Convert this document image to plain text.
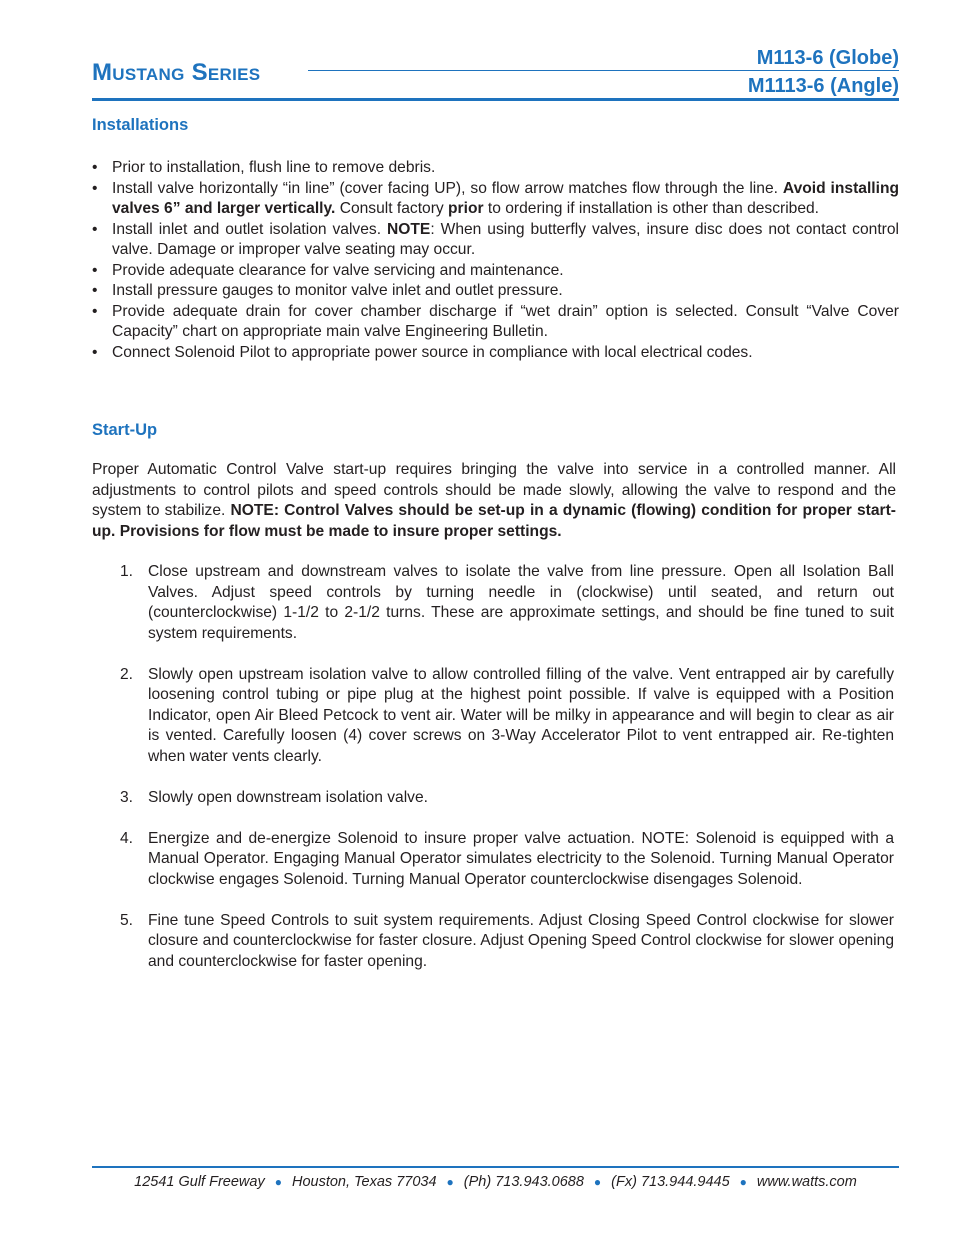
Mustang Series
M113-6 (Globe)
M1113-6 (Angle)
Installations
• Prior to installation, flush line to remove debris.
• Install valve horizontally “in line” (cover facing UP), so flow arrow matches flow through the line. Avoid installing valves 6” and larger vertically. Consult factory prior to ordering if installation is other than described.
• Install inlet and outlet isolation valves. NOTE: When using butterfly valves, insure disc does not contact control valve. Damage or improper valve seating may occur.
• Provide adequate clearance for valve servicing and maintenance.
• Install pressure gauges to monitor valve inlet and outlet pressure.
• Provide adequate drain for cover chamber discharge if “wet drain” option is selected. Consult “Valve Cover Capacity” chart on appropriate main valve Engineering Bulletin.
• Connect Solenoid Pilot to appropriate power source in compliance with local electrical codes.
Start-Up

Proper Automatic Control Valve start-up requires bringing the valve into service in a controlled manner. All adjustments to control pilots and speed controls should be made slowly, allowing the valve to respond and the system to stabilize. NOTE: Control Valves should be set-up in a dynamic (flowing) condition for proper start-up. Provisions for flow must be made to insure proper settings.

1. Close upstream and downstream valves to isolate the valve from line pressure. Open all Isolation Ball Valves. Adjust speed controls by turning needle in (clockwise) until seated, and return out (counterclockwise) 1-1/2 to 2-1/2 turns. These are approximate settings, and should be fine tuned to suit system requirements.
2. Slowly open upstream isolation valve to allow controlled filling of the valve. Vent entrapped air by carefully loosening control tubing or pipe plug at the highest point possible. If valve is equipped with a Position Indicator, open Air Bleed Petcock to vent air. Water will be milky in appearance and will begin to clear as air is vented. Carefully loosen (4) cover screws on 3-Way Accelerator Pilot to vent entrapped air. Re-tighten when water vents clearly.
3. Slowly open downstream isolation valve.
4. Energize and de-energize Solenoid to insure proper valve actuation. NOTE: Solenoid is equipped with a Manual Operator. Engaging Manual Operator simulates electricity to the Solenoid. Turning Manual Operator clockwise engages Solenoid. Turning Manual Operator counterclockwise disengages Solenoid.
5. Fine tune Speed Controls to suit system requirements. Adjust Closing Speed Control clockwise for slower closure and counterclockwise for faster closure. Adjust Opening Speed Control clockwise for slower opening and counterclockwise for faster opening.
12541 Gulf Freeway ● Houston, Texas 77034 ● (Ph) 713.943.0688 ● (Fx) 713.944.9445 ● www.watts.com
